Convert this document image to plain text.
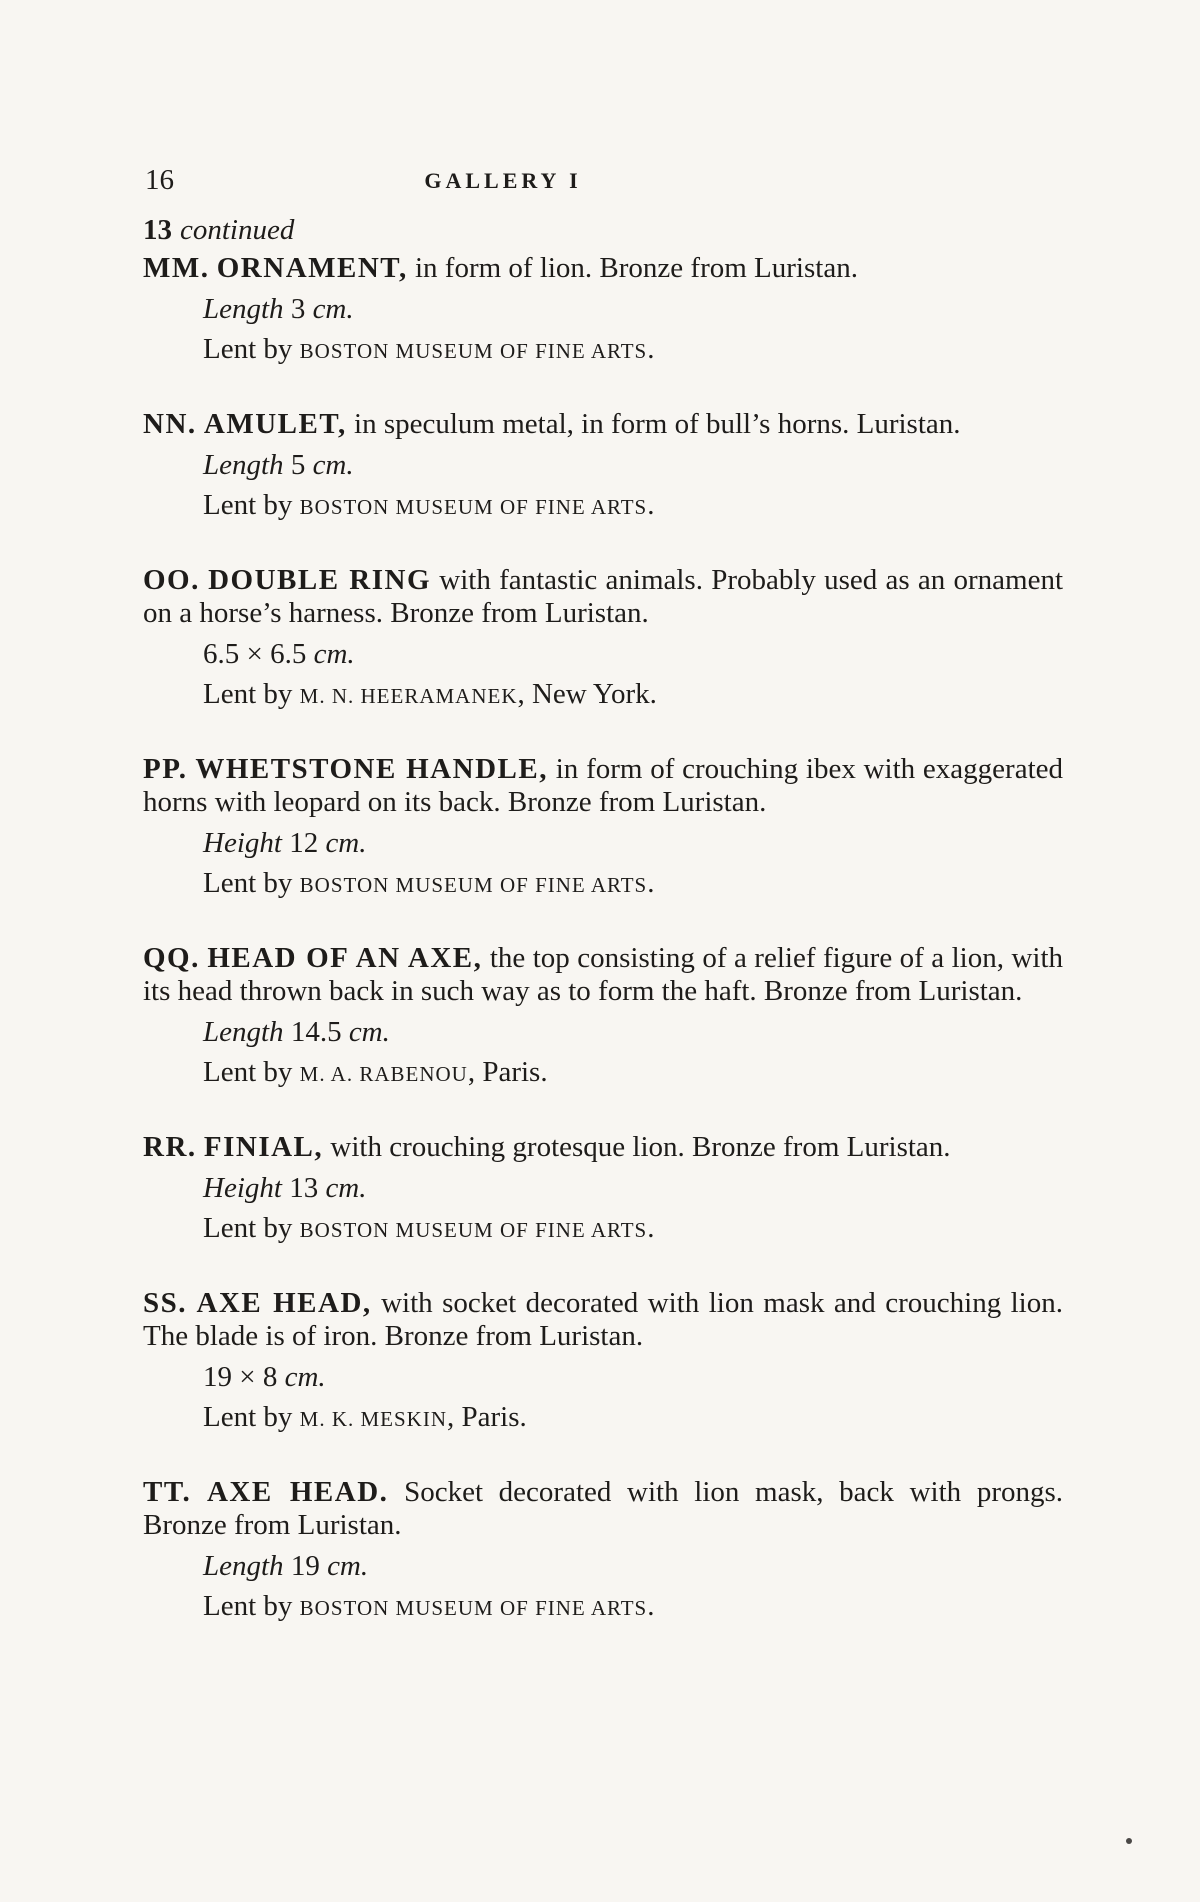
16	GALLERY I
13 continued

MM. ORNAMENT, in form of lion. Bronze from Luristan.

Length 3 cm.
Lent by BOSTON MUSEUM OF FINE ARTS.

NN. AMULET, in speculum metal, in form of bull’s horns. Luristan.

Length 5 cm.
Lent by BOSTON MUSEUM OF FINE ARTS.

OO. DOUBLE RING with fantastic animals. Probably used as an ornament on a horse’s harness. Bronze from Luristan.

6.5 × 6.5 cm.
Lent by M. N. HEERAMANEK, New York.

PP. WHETSTONE HANDLE, in form of crouching ibex with exaggerated horns with leopard on its back. Bronze from Luristan.

Height 12 cm.
Lent by BOSTON MUSEUM OF FINE ARTS.

QQ. HEAD OF AN AXE, the top consisting of a relief figure of a lion, with its head thrown back in such way as to form the haft. Bronze from Luristan.

Length 14.5 cm.
Lent by M. A. RABENOU, Paris.

RR. FINIAL, with crouching grotesque lion. Bronze from Luristan.

Height 13 cm.
Lent by BOSTON MUSEUM OF FINE ARTS.

SS. AXE HEAD, with socket decorated with lion mask and crouching lion. The blade is of iron. Bronze from Luristan.

19 × 8 cm.
Lent by M. K. MESKIN, Paris.

TT. AXE HEAD. Socket decorated with lion mask, back with prongs. Bronze from Luristan.

Length 19 cm.
Lent by BOSTON MUSEUM OF FINE ARTS.
